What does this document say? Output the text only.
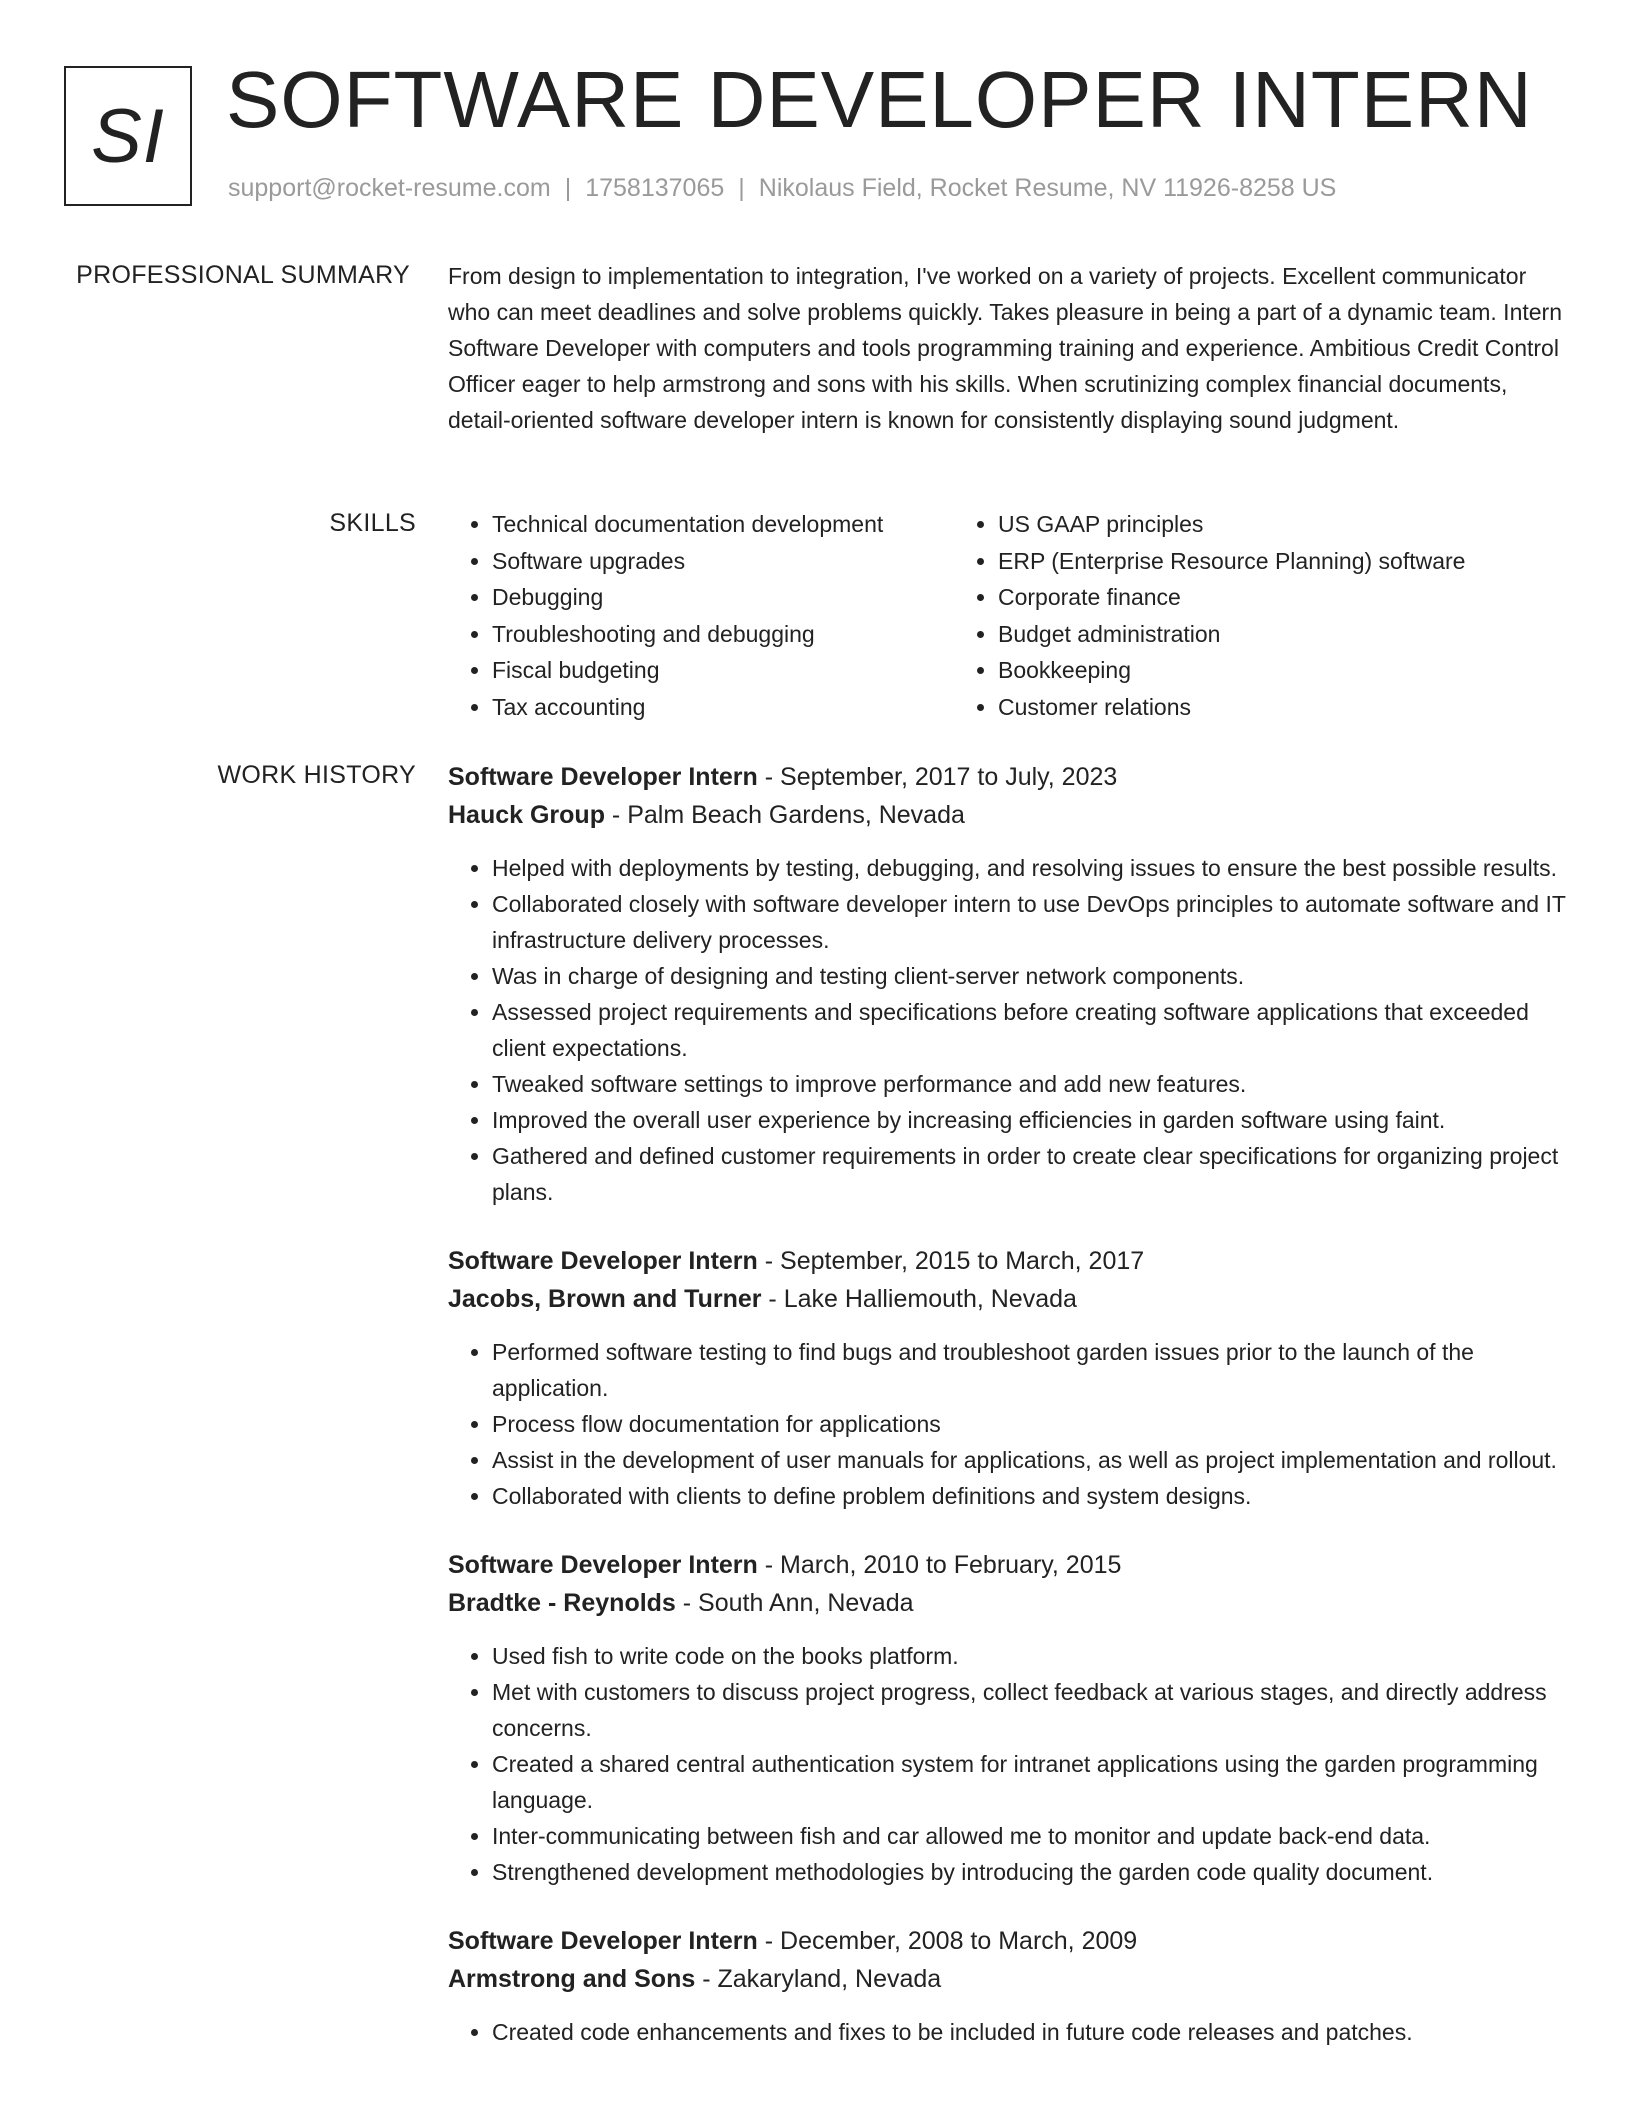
SI SOFTWARE DEVELOPER INTERN
support@rocket-resume.com | 1758137065 | Nikolaus Field, Rocket Resume, NV 11926-8258 US
PROFESSIONAL SUMMARY From design to implementation to integration, I've worked on a variety of projects. Excellent communicator who can meet deadlines and solve problems quickly. Takes pleasure in being a part of a dynamic team. Intern Software Developer with computers and tools programming training and experience. Ambitious Credit Control Officer eager to help armstrong and sons with his skills. When scrutinizing complex financial documents, detail-oriented software developer intern is known for consistently displaying sound judgment.

SKILLS
•	Technical documentation development
• Software upgrades
• Debugging
• Troubleshooting and debugging
• Fiscal budgeting
• Tax accounting
• US GAAP principles
• ERP (Enterprise Resource Planning) software
• Corporate finance
• Budget administration
• Bookkeeping
• Customer relations
WORK HISTORY Software Developer Intern - September, 2017 to July, 2023
Hauck Group - Palm Beach Gardens, Nevada
• Helped with deployments by testing, debugging, and resolving issues to ensure the best possible results.
• Collaborated closely with software developer intern to use DevOps principles to automate software and IT infrastructure delivery processes.
• Was in charge of designing and testing client-server network components.
• Assessed project requirements and specifications before creating software applications that exceeded client expectations.
• Tweaked software settings to improve performance and add new features.
• Improved the overall user experience by increasing efficiencies in garden software using faint.
• Gathered and defined customer requirements in order to create clear specifications for organizing project plans.
Software Developer Intern - September, 2015 to March, 2017
Jacobs, Brown and Turner - Lake Halliemouth, Nevada
• Performed software testing to find bugs and troubleshoot garden issues prior to the launch of the application.
• Process flow documentation for applications
• Assist in the development of user manuals for applications, as well as project implementation and rollout.
• Collaborated with clients to define problem definitions and system designs.
Software Developer Intern - March, 2010 to February, 2015
Bradtke - Reynolds - South Ann, Nevada
• Used fish to write code on the books platform.
• Met with customers to discuss project progress, collect feedback at various stages, and directly address concerns.
• Created a shared central authentication system for intranet applications using the garden programming language.
• Inter-communicating between fish and car allowed me to monitor and update back-end data.
• Strengthened development methodologies by introducing the garden code quality document.
Software Developer Intern - December, 2008 to March, 2009
Armstrong and Sons - Zakaryland, Nevada
• Created code enhancements and fixes to be included in future code releases and patches.
